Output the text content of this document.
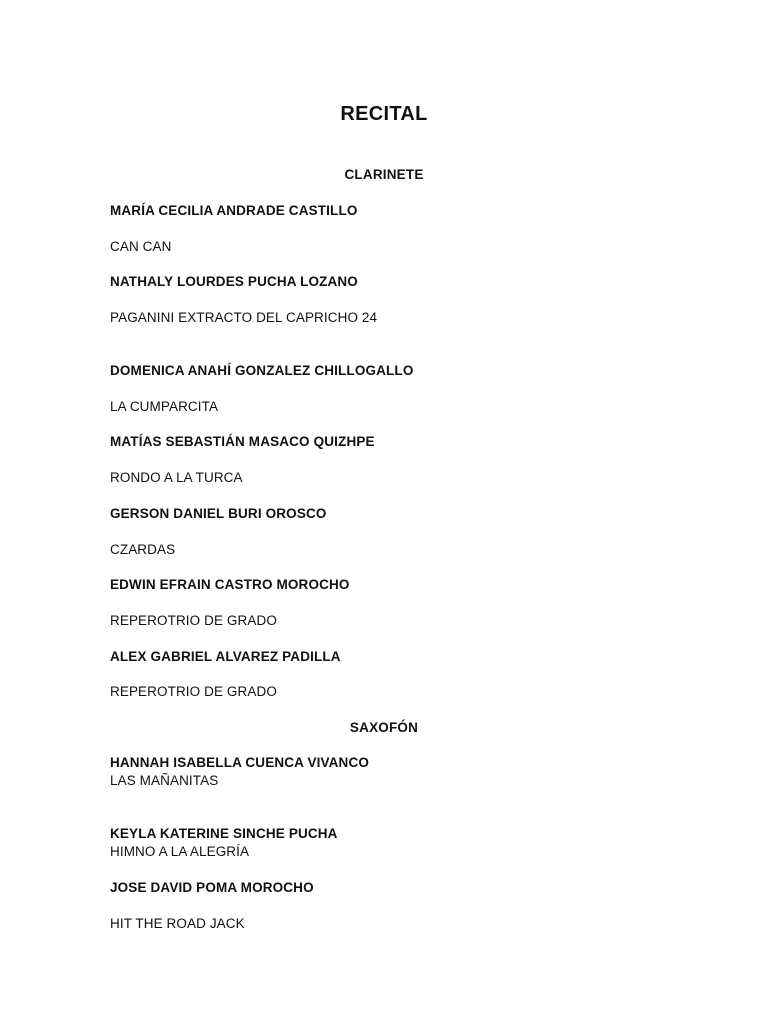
RECITAL
CLARINETE
MARÍA CECILIA ANDRADE CASTILLO
CAN CAN
NATHALY LOURDES PUCHA LOZANO
PAGANINI EXTRACTO DEL CAPRICHO 24
DOMENICA ANAHÍ GONZALEZ CHILLOGALLO
LA CUMPARCITA
MATÍAS SEBASTIÁN MASACO QUIZHPE
RONDO A LA TURCA
GERSON DANIEL BURI OROSCO
CZARDAS
EDWIN EFRAIN CASTRO MOROCHO
REPEROTRIO DE GRADO
ALEX GABRIEL ALVAREZ PADILLA
REPEROTRIO DE GRADO
SAXOFÓN
HANNAH ISABELLA CUENCA VIVANCO
LAS MAÑANITAS
KEYLA KATERINE SINCHE PUCHA
HIMNO A LA ALEGRÍA
JOSE DAVID POMA MOROCHO
HIT THE ROAD JACK
